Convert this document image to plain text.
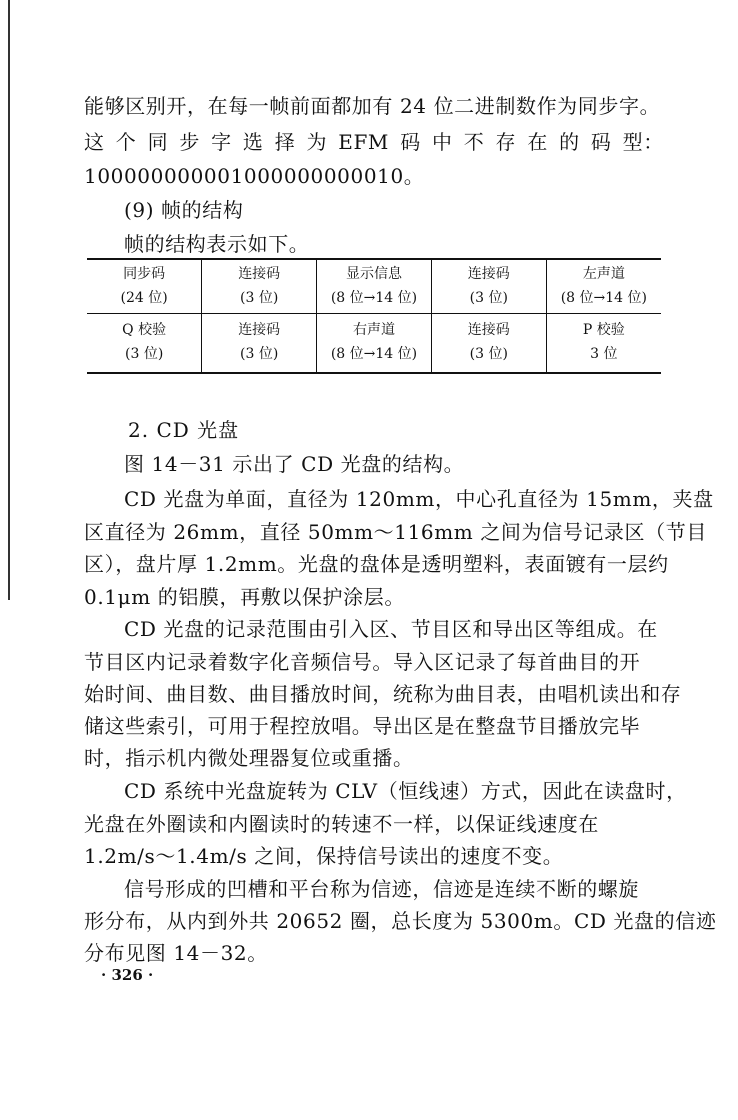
能够区别开，在每一帧前面都加有 24 位二进制数作为同步字。
这 个 同 步 字 选 择 为 EFM 码 中 不 存 在 的 码 型：
100000000001000000000010。
(9) 帧的结构
帧的结构表示如下。
同步码	连接码	显示信息	连接码	左声道
(24 位)	(3 位)	(8 位→14 位)	(3 位)	(8 位→14 位)
Q 校验	连接码	右声道	连接码	P 校验
(3 位)	(3 位)	(8 位→14 位)	(3 位)	3 位
2. CD 光盘
图 14－31 示出了 CD 光盘的结构。
CD 光盘为单面，直径为 120mm，中心孔直径为 15mm，夹盘
区直径为 26mm，直径 50mm～116mm 之间为信号记录区（节目
区），盘片厚 1.2mm。光盘的盘体是透明塑料，表面镀有一层约
0.1μm 的铝膜，再敷以保护涂层。
CD 光盘的记录范围由引入区、节目区和导出区等组成。在
节目区内记录着数字化音频信号。导入区记录了每首曲目的开
始时间、曲目数、曲目播放时间，统称为曲目表，由唱机读出和存
储这些索引，可用于程控放唱。导出区是在整盘节目播放完毕
时，指示机内微处理器复位或重播。
CD 系统中光盘旋转为 CLV（恒线速）方式，因此在读盘时，
光盘在外圈读和内圈读时的转速不一样，以保证线速度在
1.2m/s～1.4m/s 之间，保持信号读出的速度不变。
信号形成的凹槽和平台称为信迹，信迹是连续不断的螺旋
形分布，从内到外共 20652 圈，总长度为 5300m。CD 光盘的信迹
分布见图 14－32。
· 326 ·
